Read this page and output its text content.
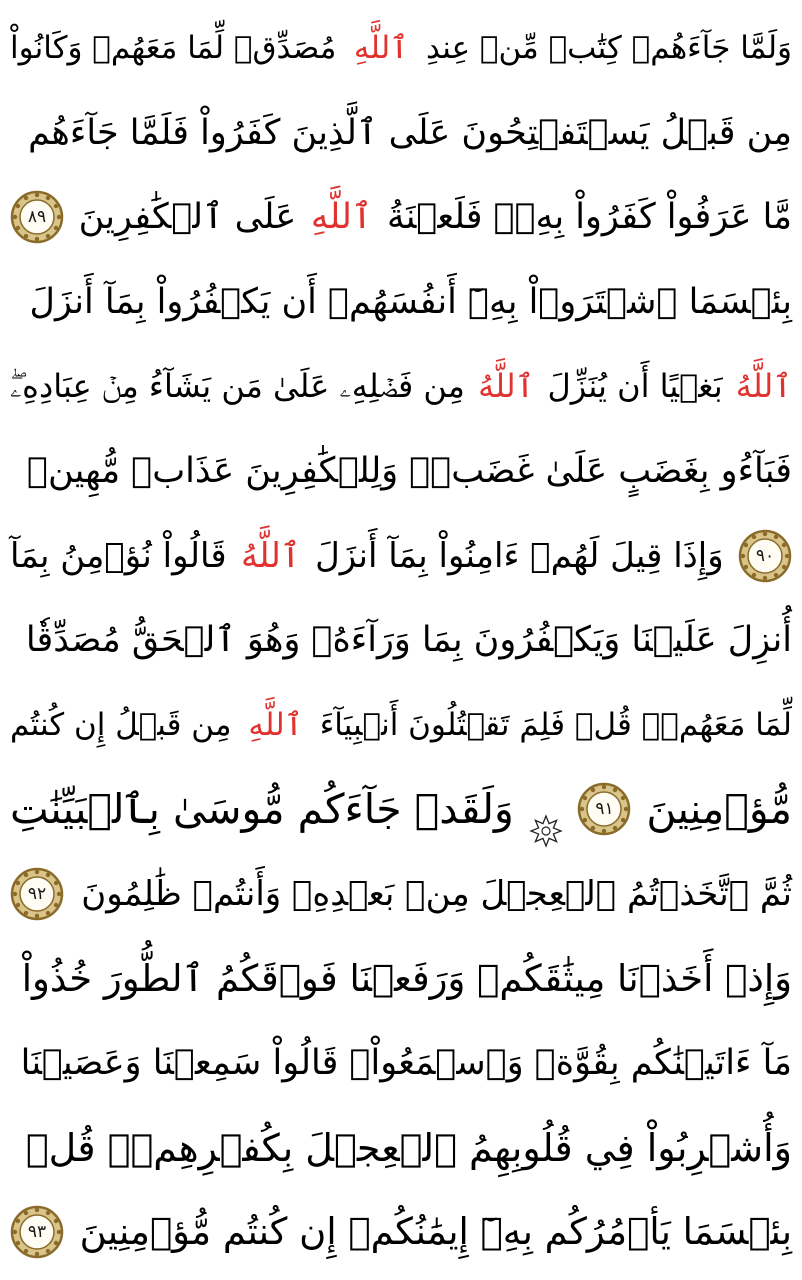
وَلَمَّا جَآءَهُمۡ كِتَٰبٞ مِّنۡ عِندِ
ٱللَّهِ
مُصَدِّقٞ لِّمَا مَعَهُمۡ وَكَانُواْ
مِن قَبۡلُ يَسۡتَفۡتِحُونَ عَلَى ٱلَّذِينَ كَفَرُواْ فَلَمَّا جَآءَهُم
مَّا عَرَفُواْ كَفَرُواْ بِهِۦۚ فَلَعۡنَةُ
ٱللَّهِ
عَلَى ٱلۡكَٰفِرِينَ
٨٩
بِئۡسَمَا ٱشۡتَرَوۡاْ بِهِۦٓ أَنفُسَهُمۡ أَن يَكۡفُرُواْ بِمَآ أَنزَلَ
ٱللَّهُ
بَغۡيًا أَن يُنَزِّلَ
ٱللَّهُ
مِن فَضۡلِهِۦ عَلَىٰ مَن يَشَآءُ مِنۡ عِبَادِهِۦۖ
فَبَآءُو بِغَضَبٍ عَلَىٰ غَضَبٖۚ وَلِلۡكَٰفِرِينَ عَذَابٞ مُّهِينٞ
٩٠
وَإِذَا قِيلَ لَهُمۡ ءَامِنُواْ بِمَآ أَنزَلَ
ٱللَّهُ
قَالُواْ نُؤۡمِنُ بِمَآ
أُنزِلَ عَلَيۡنَا وَيَكۡفُرُونَ بِمَا وَرَآءَهُۥ وَهُوَ ٱلۡحَقُّ مُصَدِّقٗا
لِّمَا مَعَهُمۡۗ قُلۡ فَلِمَ تَقۡتُلُونَ أَنۢبِيَآءَ
ٱللَّهِ
مِن قَبۡلُ إِن كُنتُم
مُّؤۡمِنِينَ
٩١
وَلَقَدۡ جَآءَكُم مُّوسَىٰ بِٱلۡبَيِّنَٰتِ
ثُمَّ ٱتَّخَذۡتُمُ ٱلۡعِجۡلَ مِنۢ بَعۡدِهِۦ وَأَنتُمۡ ظَٰلِمُونَ
٩٢
وَإِذۡ أَخَذۡنَا مِيثَٰقَكُمۡ وَرَفَعۡنَا فَوۡقَكُمُ ٱلطُّورَ خُذُواْ
مَآ ءَاتَيۡنَٰكُم بِقُوَّةٖ وَٱسۡمَعُواْۖ قَالُواْ سَمِعۡنَا وَعَصَيۡنَا
وَأُشۡرِبُواْ فِي قُلُوبِهِمُ ٱلۡعِجۡلَ بِكُفۡرِهِمۡۚ قُلۡ
بِئۡسَمَا يَأۡمُرُكُم بِهِۦٓ إِيمَٰنُكُمۡ إِن كُنتُم مُّؤۡمِنِينَ
٩٣
